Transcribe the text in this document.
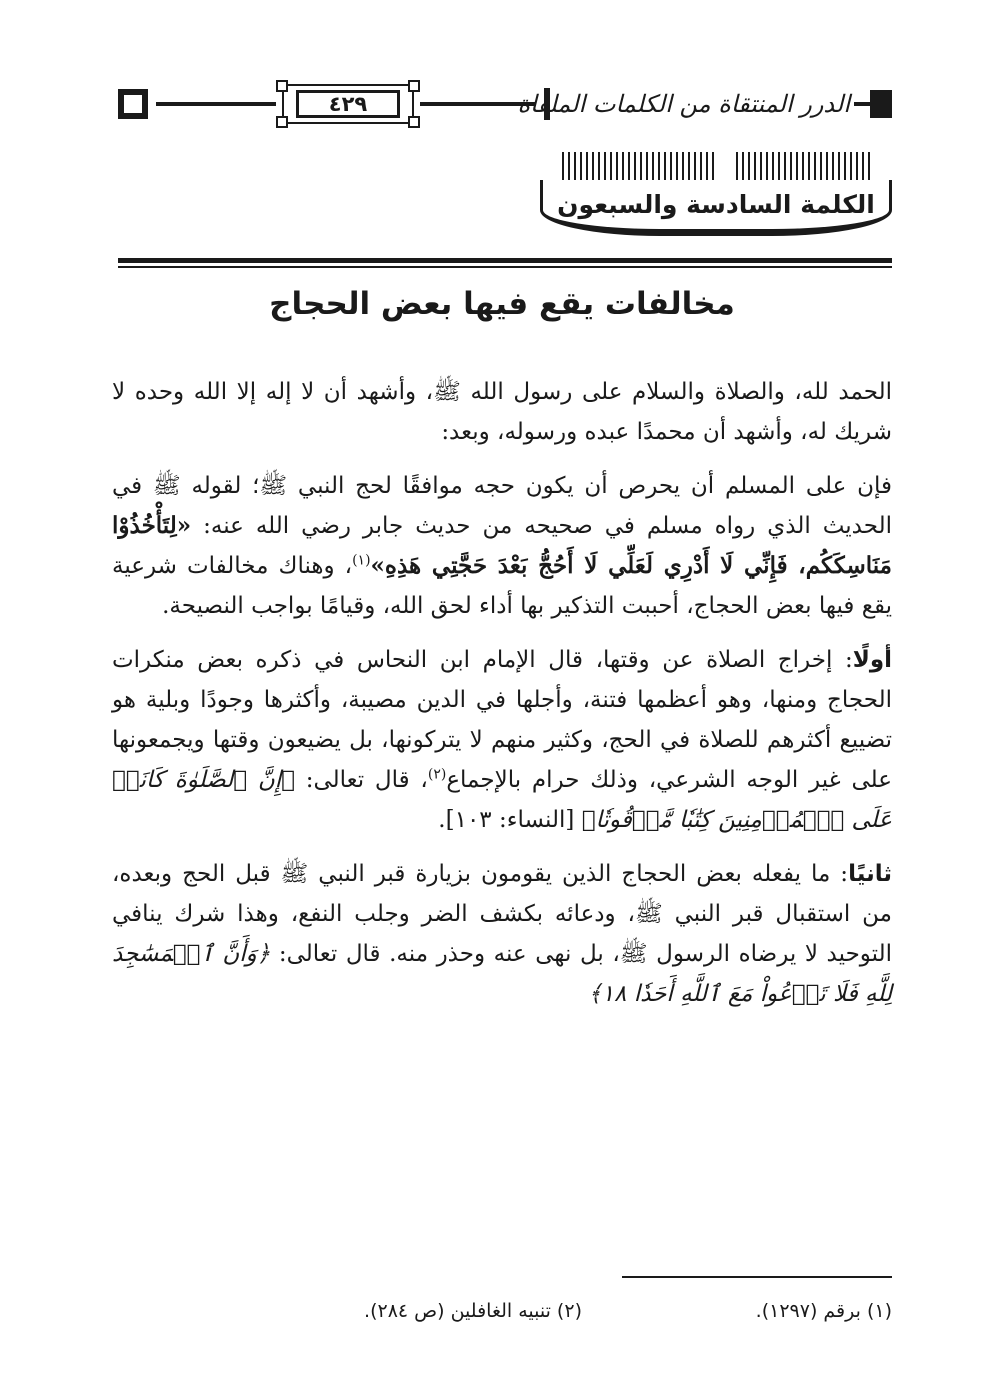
٤٢٩	الدرر المنتقاة من الكلمات الملقاة
الكلمة السادسة والسبعون
مخالفات يقع فيها بعض الحجاج

الحمد لله، والصلاة والسلام على رسول الله ﷺ، وأشهد أن لا إله إلا الله وحده لا شريك له، وأشهد أن محمدًا عبده ورسوله، وبعد:

فإن على المسلم أن يحرص أن يكون حجه موافقًا لحج النبي ﷺ؛ لقوله ﷺ في الحديث الذي رواه مسلم في صحيحه من حديث جابر رضي الله عنه: «لِتَأْخُذُوْا مَنَاسِكَكُم، فَإِنِّي لَا أَدْرِي لَعَلِّي لَا أَحُجُّ بَعْدَ حَجَّتِي هَذِهِ»$^{(١)}$، وهناك مخالفات شرعية يقع فيها بعض الحجاج، أحببت التذكير بها أداء لحق الله، وقيامًا بواجب النصيحة.

أولًا: إخراج الصلاة عن وقتها، قال الإمام ابن النحاس في ذكره بعض منكرات الحجاج ومنها، وهو أعظمها فتنة، وأجلها في الدين مصيبة، وأكثرها وجودًا وبلية هو تضييع أكثرهم للصلاة في الحج، وكثير منهم لا يتركونها، بل يضيعون وقتها ويجمعونها على غير الوجه الشرعي، وذلك حرام بالإجماع$^{(٢)}$، قال تعالى: ﴿إِنَّ ٱلصَّلَوٰةَ كَانَتۡ عَلَى ٱلۡمُؤۡمِنِينَ كِتَٰبٗا مَّوۡقُوتٗا﴾ [النساء: ١٠٣].

ثانيًا: ما يفعله بعض الحجاج الذين يقومون بزيارة قبر النبي ﷺ قبل الحج وبعده، من استقبال قبر النبي ﷺ، ودعائه بكشف الضر وجلب النفع، وهذا شرك ينافي التوحيد لا يرضاه الرسول ﷺ، بل نهى عنه وحذر منه. قال تعالى: ﴿وَأَنَّ ٱلۡمَسَٰجِدَ لِلَّهِ فَلَا تَدۡعُواْ مَعَ ٱللَّهِ أَحَدٗا ١٨﴾

(١) برقم (١٢٩٧).
(٢) تنبيه الغافلين (ص ٢٨٤).
